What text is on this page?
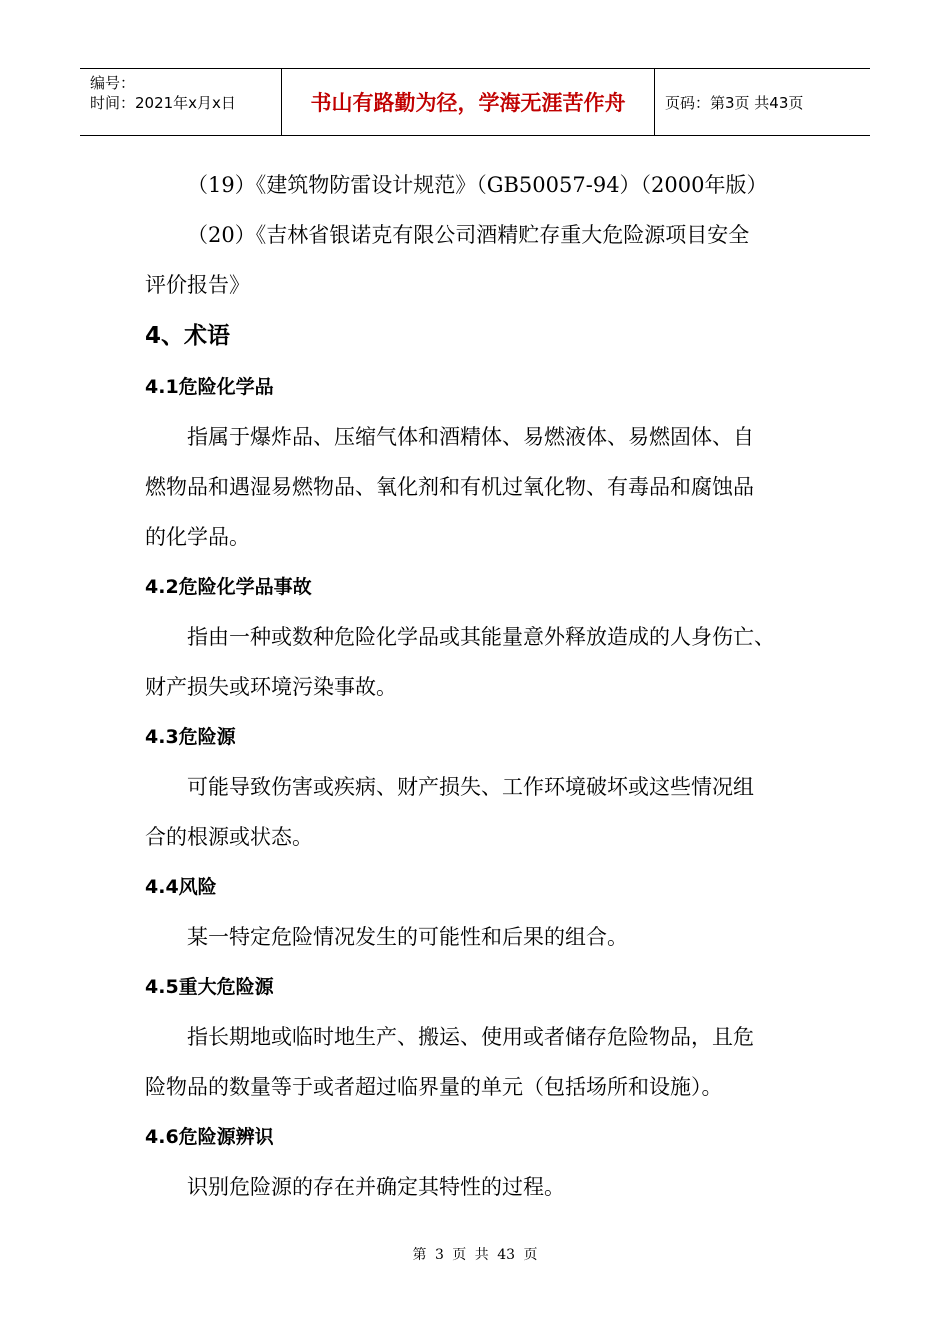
编号：
时间：2021年x月x日	书山有路勤为径，学海无涯苦作舟	页码：第3页 共43页

（19）《建筑物防雷设计规范》（GB50057-94）（2000年版）

（20）《吉林省银诺克有限公司酒精贮存重大危险源项目安全

评价报告》

4、术语

4.1危险化学品

指属于爆炸品、压缩气体和酒精体、易燃液体、易燃固体、自

燃物品和遇湿易燃物品、氧化剂和有机过氧化物、有毒品和腐蚀品

的化学品。

4.2危险化学品事故

指由一种或数种危险化学品或其能量意外释放造成的人身伤亡、

财产损失或环境污染事故。

4.3危险源

可能导致伤害或疾病、财产损失、工作环境破坏或这些情况组

合的根源或状态。

4.4风险

某一特定危险情况发生的可能性和后果的组合。

4.5重大危险源

指长期地或临时地生产、搬运、使用或者储存危险物品，且危

险物品的数量等于或者超过临界量的单元（包括场所和设施）。

4.6危险源辨识

识别危险源的存在并确定其特性的过程。

第 3 页 共 43 页
